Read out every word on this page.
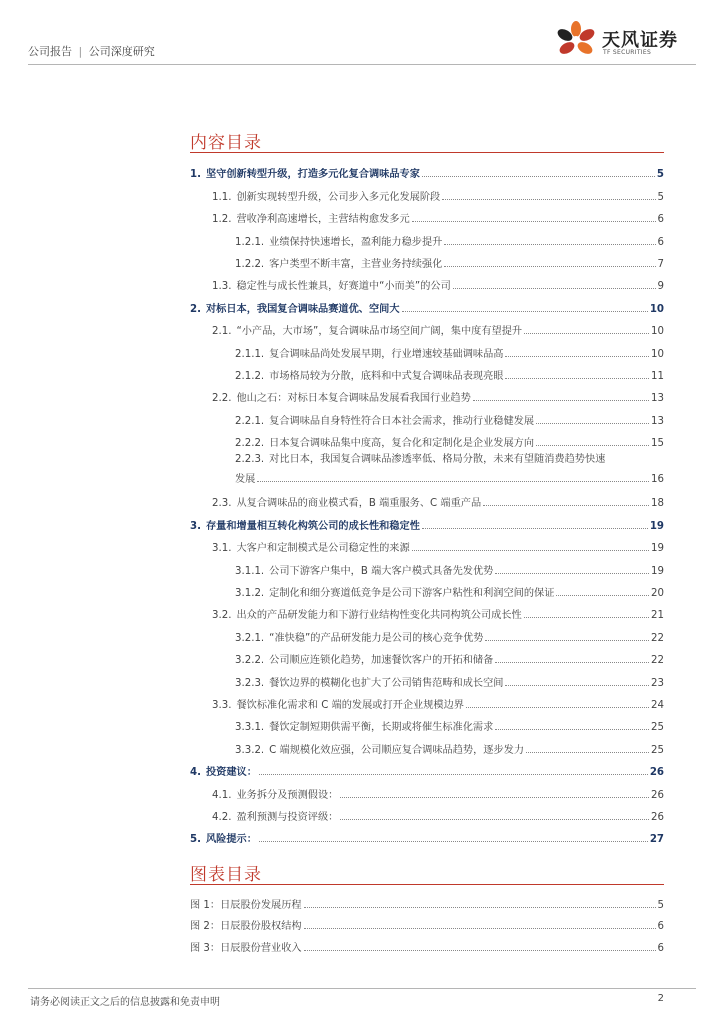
公司报告 | 公司深度研究
天风证券
TF SECURITIES
内容目录
1. 坚守创新转型升级，打造多元化复合调味品专家	5
1.1. 创新实现转型升级，公司步入多元化发展阶段	5
1.2. 营收净利高速增长，主营结构愈发多元	6
1.2.1. 业绩保持快速增长，盈利能力稳步提升	6
1.2.2. 客户类型不断丰富，主营业务持续强化	7
1.3. 稳定性与成长性兼具，好赛道中“小而美”的公司	9
2. 对标日本，我国复合调味品赛道优、空间大	10
2.1. “小产品，大市场”，复合调味品市场空间广阔，集中度有望提升	10
2.1.1. 复合调味品尚处发展早期，行业增速较基础调味品高	10
2.1.2. 市场格局较为分散，底料和中式复合调味品表现亮眼	11
2.2. 他山之石：对标日本复合调味品发展看我国行业趋势	13
2.2.1. 复合调味品自身特性符合日本社会需求，推动行业稳健发展	13
2.2.2. 日本复合调味品集中度高，复合化和定制化是企业发展方向	15
2.2.3. 对比日本，我国复合调味品渗透率低、格局分散，未来有望随消费趋势快速
发展	16
2.3. 从复合调味品的商业模式看，B 端重服务、C 端重产品	18
3. 存量和增量相互转化构筑公司的成长性和稳定性	19
3.1. 大客户和定制模式是公司稳定性的来源	19
3.1.1. 公司下游客户集中，B 端大客户模式具备先发优势	19
3.1.2. 定制化和细分赛道低竞争是公司下游客户粘性和利润空间的保证	20
3.2. 出众的产品研发能力和下游行业结构性变化共同构筑公司成长性	21
3.2.1. “准快稳”的产品研发能力是公司的核心竞争优势	22
3.2.2. 公司顺应连锁化趋势，加速餐饮客户的开拓和储备	22
3.2.3. 餐饮边界的模糊化也扩大了公司销售范畴和成长空间	23
3.3. 餐饮标准化需求和 C 端的发展或打开企业规模边界	24
3.3.1. 餐饮定制短期供需平衡，长期或将催生标准化需求	25
3.3.2. C 端规模化效应强，公司顺应复合调味品趋势，逐步发力	25
4. 投资建议：	26
4.1. 业务拆分及预测假设：	26
4.2. 盈利预测与投资评级：	26
5. 风险提示：	27
图表目录
图 1：日辰股份发展历程	5
图 2：日辰股份股权结构	6
图 3：日辰股份营业收入	6
请务必阅读正文之后的信息披露和免责申明	2
